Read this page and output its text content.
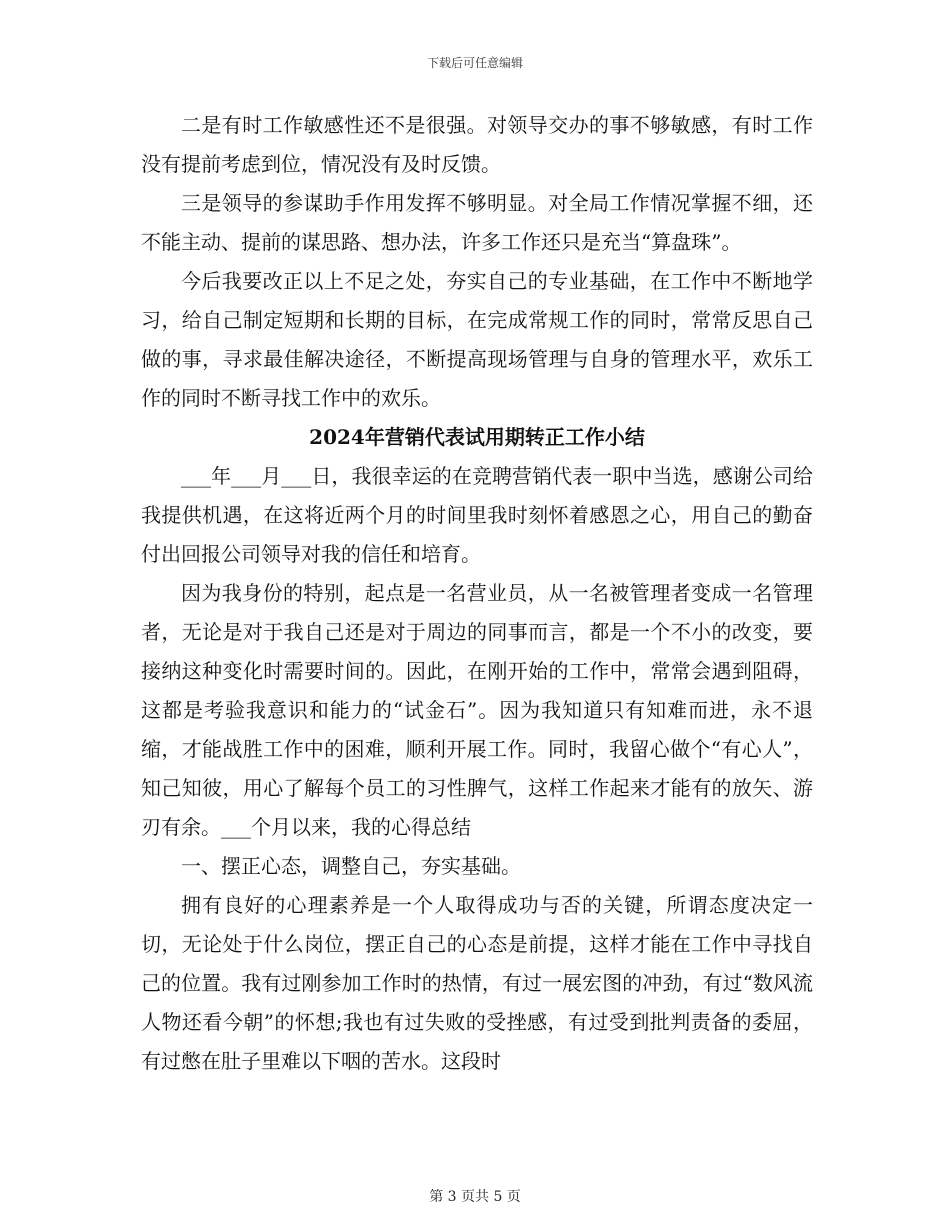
下载后可任意编辑

二是有时工作敏感性还不是很强。对领导交办的事不够敏感，有时工作没有提前考虑到位，情况没有及时反馈。

三是领导的参谋助手作用发挥不够明显。对全局工作情况掌握不细，还不能主动、提前的谋思路、想办法，许多工作还只是充当“算盘珠”。

今后我要改正以上不足之处，夯实自己的专业基础，在工作中不断地学习，给自己制定短期和长期的目标，在完成常规工作的同时，常常反思自己做的事，寻求最佳解决途径，不断提高现场管理与自身的管理水平，欢乐工作的同时不断寻找工作中的欢乐。

2024年营销代表试用期转正工作小结

___年___月___日，我很幸运的在竞聘营销代表一职中当选，感谢公司给我提供机遇，在这将近两个月的时间里我时刻怀着感恩之心，用自己的勤奋付出回报公司领导对我的信任和培育。

因为我身份的特别，起点是一名营业员，从一名被管理者变成一名管理者，无论是对于我自己还是对于周边的同事而言，都是一个不小的改变，要接纳这种变化时需要时间的。因此，在刚开始的工作中，常常会遇到阻碍，这都是考验我意识和能力的“试金石”。因为我知道只有知难而进，永不退缩，才能战胜工作中的困难，顺利开展工作。同时，我留心做个“有心人”，知己知彼，用心了解每个员工的习性脾气，这样工作起来才能有的放矢、游刃有余。___个月以来，我的心得总结

一、摆正心态，调整自己，夯实基础。

拥有良好的心理素养是一个人取得成功与否的关键，所谓态度决定一切，无论处于什么岗位，摆正自己的心态是前提，这样才能在工作中寻找自己的位置。我有过刚参加工作时的热情，有过一展宏图的冲劲，有过“数风流人物还看今朝”的怀想;我也有过失败的受挫感，有过受到批判责备的委屈，有过憋在肚子里难以下咽的苦水。这段时

第 3 页共 5 页
